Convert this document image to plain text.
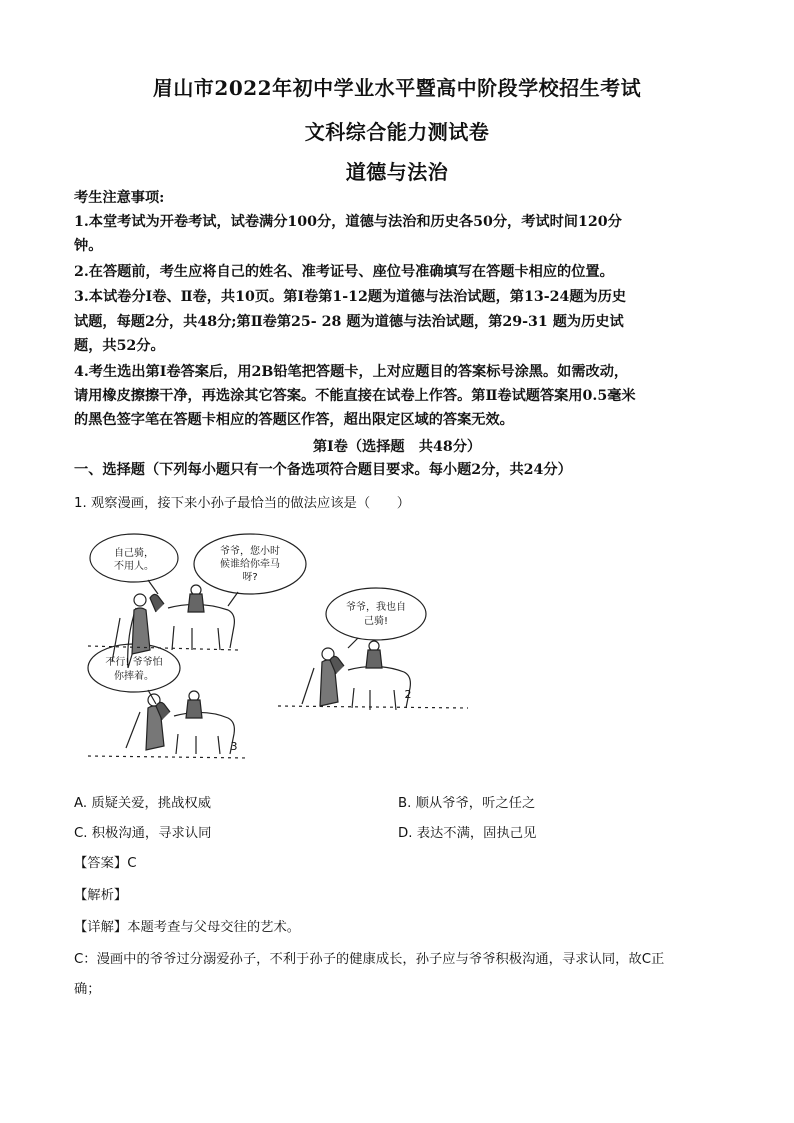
眉山市2022年初中学业水平暨高中阶段学校招生考试
文科综合能力测试卷
道德与法治
考生注意事项:
1.本堂考试为开卷考试，试卷满分100分，道德与法治和历史各50分，考试时间120分
钟。
2.在答题前，考生应将自己的姓名、准考证号、座位号准确填写在答题卡相应的位置。
3.本试卷分Ⅰ卷、Ⅱ卷，共10页。第Ⅰ卷第1-12题为道德与法治试题，第13-24题为历史
试题，每题2分，共48分;第Ⅱ卷第25- 28 题为道德与法治试题，第29-31 题为历史试
题，共52分。
4.考生选出第Ⅰ卷答案后，用2B铅笔把答题卡，上对应题目的答案标号涂黑。如需改动，
请用橡皮擦擦干净，再选涂其它答案。不能直接在试卷上作答。第Ⅱ卷试题答案用0.5毫米
的黑色签字笔在答题卡相应的答题区作答，超出限定区域的答案无效。
第Ⅰ卷（选择题　共48分）
一、选择题（下列每小题只有一个备选项符合题目要求。每小题2分，共24分）
1. 观察漫画，接下来小孙子最恰当的做法应该是（　　）
自己骑，
不用人。
爷爷，您小时
候谁给你牵马
呀?
爷爷，我也自
己骑!
不行! 爷爷怕
你摔着。
2
3
A. 质疑关爱，挑战权威	B. 顺从爷爷，听之任之
C. 积极沟通，寻求认同	D. 表达不满，固执己见
【答案】C
【解析】
【详解】本题考查与父母交往的艺术。
C：漫画中的爷爷过分溺爱孙子，不利于孙子的健康成长，孙子应与爷爷积极沟通，寻求认同，故C正
确；
